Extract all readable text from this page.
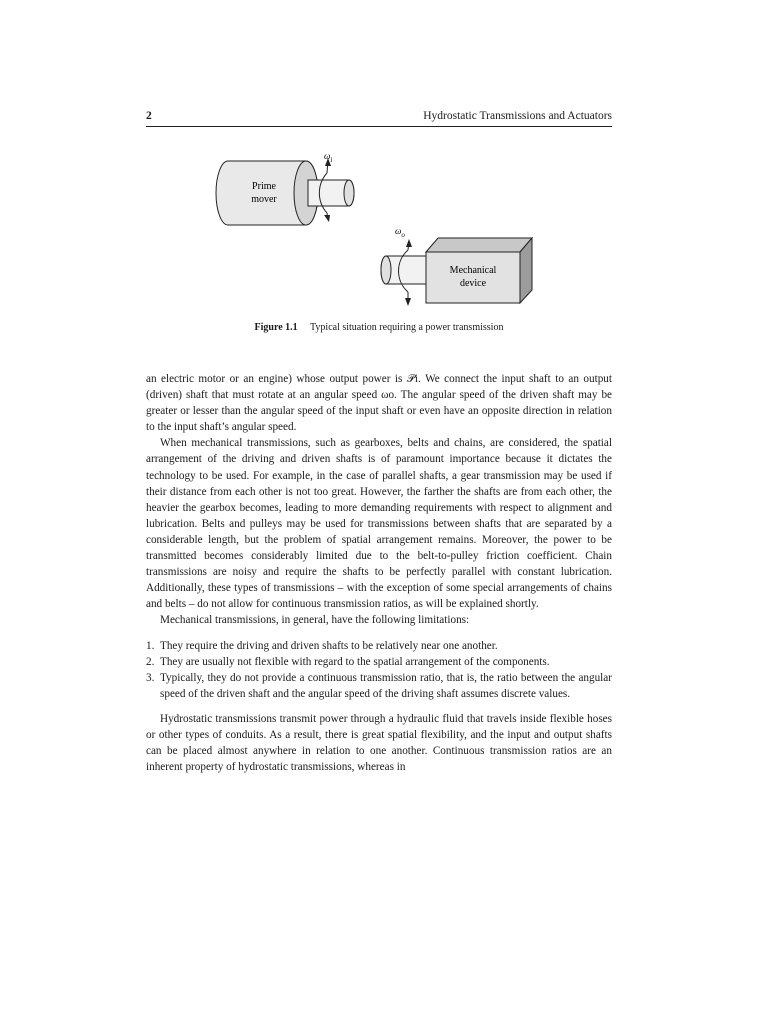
2	Hydrostatic Transmissions and Actuators
$\omega_i$
Prime
mover
$\omega_o$
Mechanical
device
Figure 1.1 Typical situation requiring a power transmission

an electric motor or an engine) whose output power is 𝒫i. We connect the input shaft to an output (driven) shaft that must rotate at an angular speed ωo. The angular speed of the driven shaft may be greater or lesser than the angular speed of the input shaft or even have an opposite direction in relation to the input shaft’s angular speed.

When mechanical transmissions, such as gearboxes, belts and chains, are considered, the spatial arrangement of the driving and driven shafts is of paramount importance because it dictates the technology to be used. For example, in the case of parallel shafts, a gear transmission may be used if their distance from each other is not too great. However, the farther the shafts are from each other, the heavier the gearbox becomes, leading to more demanding requirements with respect to alignment and lubrication. Belts and pulleys may be used for transmissions between shafts that are separated by a considerable length, but the problem of spatial arrangement remains. Moreover, the power to be transmitted becomes considerably limited due to the belt-to-pulley friction coefficient. Chain transmissions are noisy and require the shafts to be perfectly parallel with constant lubrication. Additionally, these types of transmissions – with the exception of some special arrangements of chains and belts – do not allow for continuous transmission ratios, as will be explained shortly.

Mechanical transmissions, in general, have the following limitations:

1. They require the driving and driven shafts to be relatively near one another.
2. They are usually not flexible with regard to the spatial arrangement of the components.
3. Typically, they do not provide a continuous transmission ratio, that is, the ratio between the angular speed of the driven shaft and the angular speed of the driving shaft assumes discrete values.

Hydrostatic transmissions transmit power through a hydraulic fluid that travels inside flexible hoses or other types of conduits. As a result, there is great spatial flexibility, and the input and output shafts can be placed almost anywhere in relation to one another. Continuous transmission ratios are an inherent property of hydrostatic transmissions, whereas in
